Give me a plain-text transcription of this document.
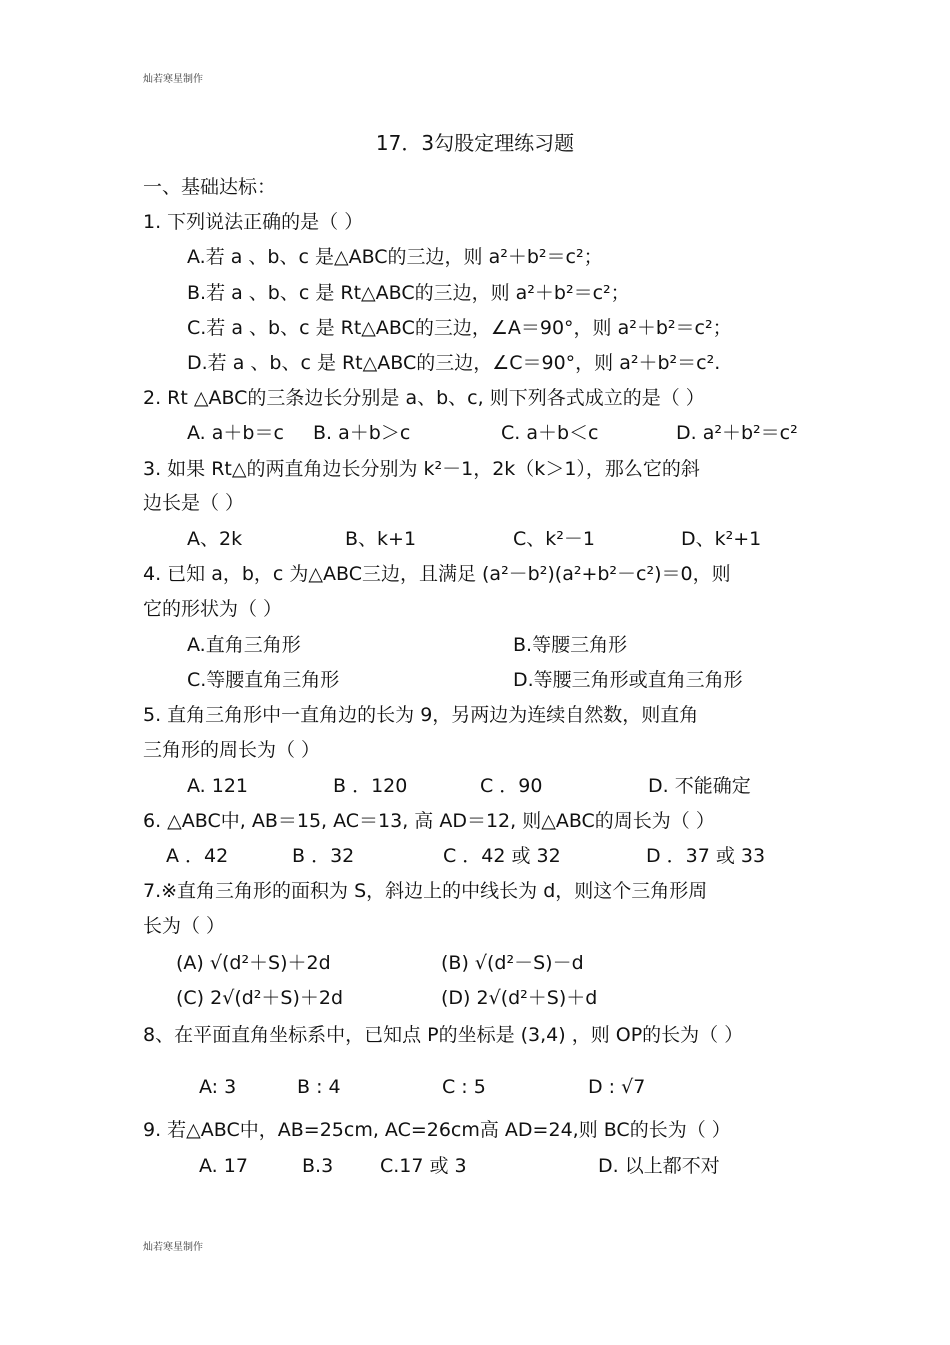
灿若寒星制作
17．3勾股定理练习题
一、基础达标：
1. 下列说法正确的是（ ）
A.若 a 、b、c 是△ABC的三边，则 a²＋b²＝c²；
B.若 a 、b、c 是 Rt△ABC的三边，则 a²＋b²＝c²；
C.若 a 、b、c 是 Rt△ABC的三边，∠A＝90°，则 a²＋b²＝c²；
D.若 a 、b、c 是 Rt△ABC的三边，∠C＝90°，则 a²＋b²＝c².
2. Rt △ABC的三条边长分别是 a、b、c, 则下列各式成立的是（ ）
A. a＋b＝c B. a＋b＞c	C. a＋b＜c	D. a²＋b²＝c²
3. 如果 Rt△的两直角边长分别为 k²－1，2k（k＞1），那么它的斜
边长是（ ）
A、2k	B、k+1	C、k²－1	D、k²+1
4. 已知 a，b，c 为△ABC三边，且满足 (a²－b²)(a²+b²－c²)＝0，则
它的形状为（ ）
A.直角三角形	B.等腰三角形
C.等腰直角三角形	D.等腰三角形或直角三角形
5. 直角三角形中一直角边的长为 9，另两边为连续自然数，则直角
三角形的周长为（ ）
A. 121	B ．120	C ．90	D. 不能确定
6. △ABC中, AB＝15, AC＝13, 高 AD＝12, 则△ABC的周长为（ ）
A ．42	B ．32	C ．42 或 32	D ．37 或 33
7.※直角三角形的面积为 S，斜边上的中线长为 d，则这个三角形周
长为（ ）
(A) √(d²＋S)＋2d	(B) √(d²－S)－d
(C) 2√(d²＋S)＋2d	(D) 2√(d²＋S)＋d
8、在平面直角坐标系中，已知点 P的坐标是 (3,4) ，则 OP的长为（ ）
A: 3	B : 4	C : 5	D : √7
9. 若△ABC中，AB=25cm, AC=26cm高 AD=24,则 BC的长为（ ）
A. 17	B.3 C.17 或 3	D. 以上都不对
灿若寒星制作
